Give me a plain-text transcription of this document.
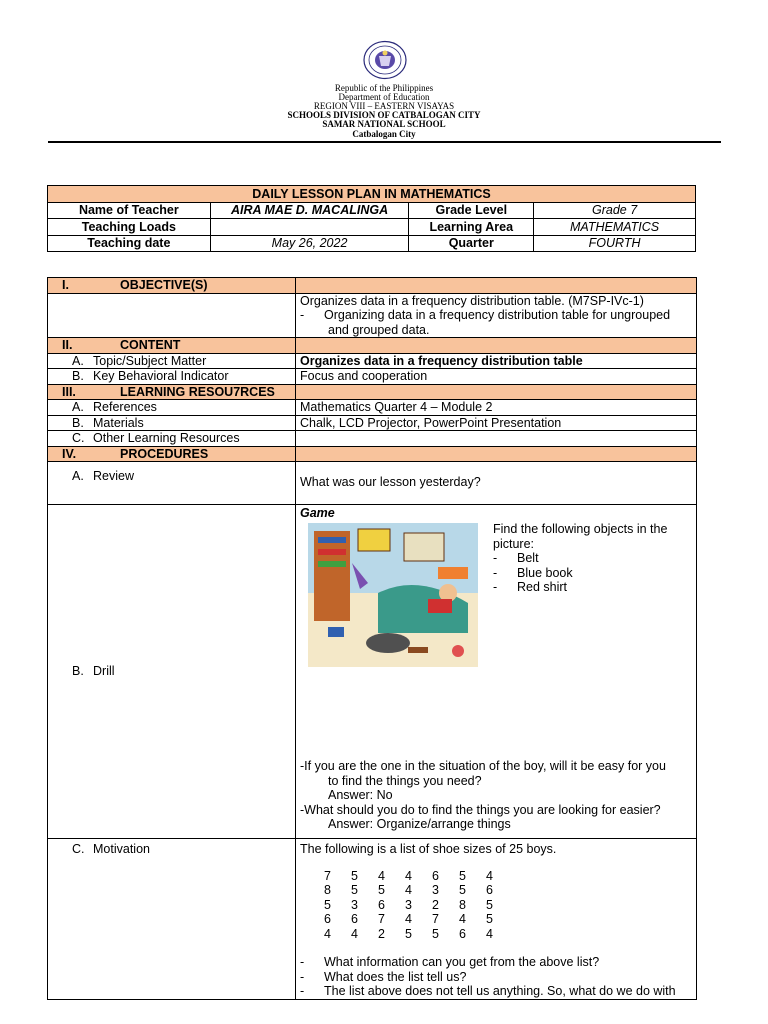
Republic of the Philippines
Department of Education
REGION VIII – EASTERN VISAYAS
SCHOOLS DIVISION OF CATBALOGAN CITY
SAMAR NATIONAL SCHOOL
Catbalogan City
DAILY LESSON PLAN IN MATHEMATICS			
Name of Teacher	AIRA MAE D. MACALINGA	Grade Level	Grade 7
Teaching Loads		Learning Area	MATHEMATICS
Teaching date	May 26, 2022	Quarter	FOURTH
I.	OBJECTIVE(S)	

Organizes data in a frequency distribution table. (M7SP-IVc-1)
- Organizing data in a frequency distribution table for ungrouped
and grouped data.

II.	CONTENT	
A. Topic/Subject Matter	Organizes data in a frequency distribution table
B. Key Behavioral Indicator	Focus and cooperation
III.	LEARNING RESOU7RCES	
A. References	Mathematics Quarter 4 – Module 2
B. Materials	Chalk, LCD Projector, PowerPoint Presentation
C. Other Learning Resources	
IV.	PROCEDURES	
A. Review	What was our lesson yesterday?
B. Drill	
Game
Find the following objects in the
picture:
- Belt
- Blue book
- Red shirt
-If you are the one in the situation of the boy, will it be easy for you
to find the things you need?
Answer: No
-What should you do to find the things you are looking for easier?
Answer: Organize/arrange things

C. Motivation	The following is a list of shoe sizes of 25 boys.
7	5	4	4	6	5	4
8	5	5	4	3	5	6
5	3	6	3	2	8	5
6	6	7	4	7	4	5
4	4	2	5	5	6	4
- What information can you get from the above list?
- What does the list tell us?
- The list above does not tell us anything. So, what do we do with
